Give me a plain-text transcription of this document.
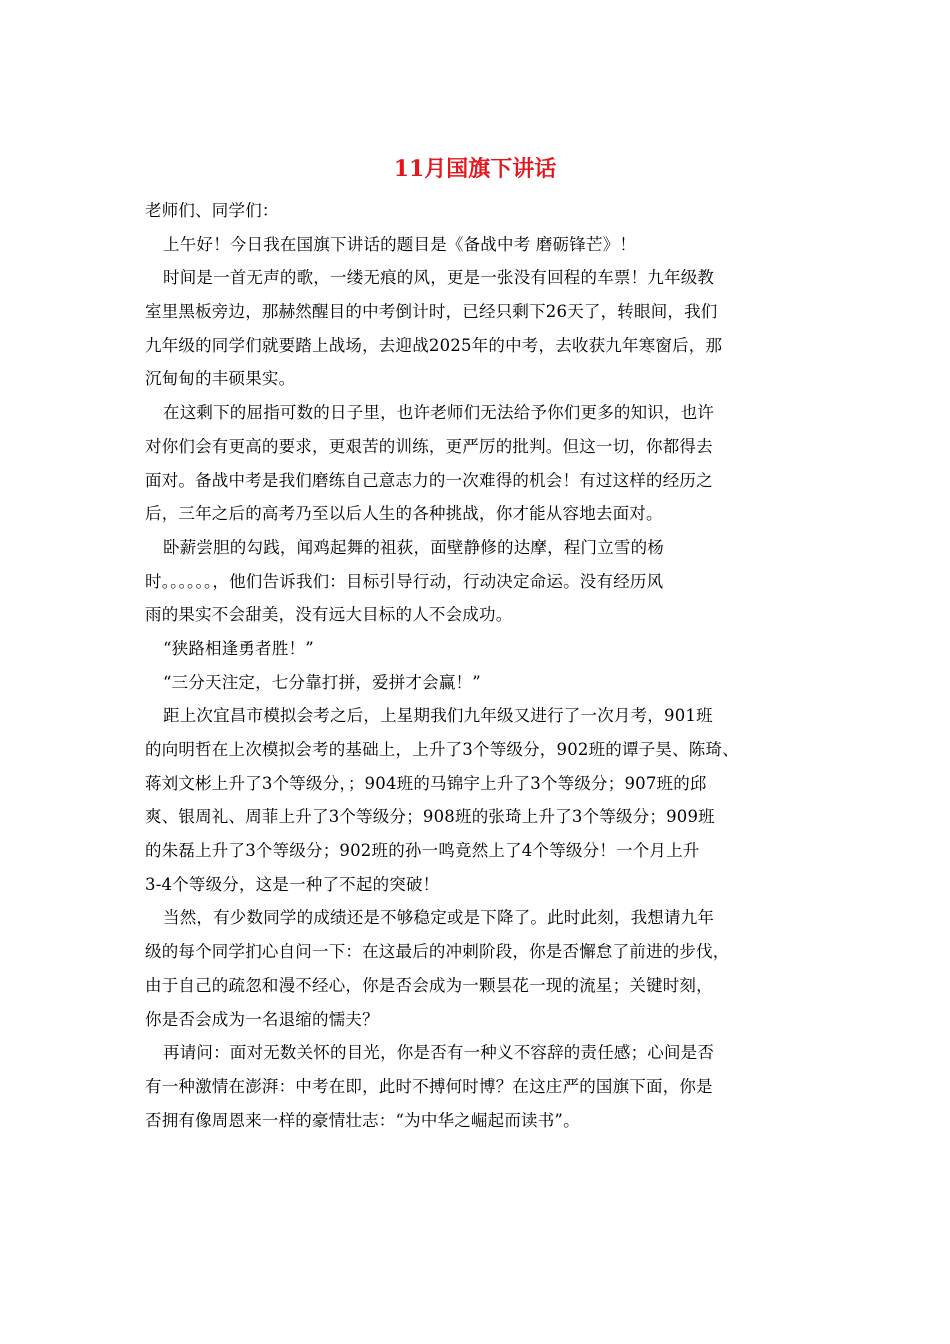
11月国旗下讲话
老师们、同学们：
上午好！今日我在国旗下讲话的题目是《备战中考 磨砺锋芒》！
时间是一首无声的歌，一缕无痕的风，更是一张没有回程的车票！九年级教
室里黑板旁边，那赫然醒目的中考倒计时，已经只剩下26天了，转眼间，我们
九年级的同学们就要踏上战场，去迎战2025年的中考，去收获九年寒窗后，那
沉甸甸的丰硕果实。
在这剩下的屈指可数的日子里，也许老师们无法给予你们更多的知识，也许
对你们会有更高的要求，更艰苦的训练，更严厉的批判。但这一切，你都得去
面对。备战中考是我们磨练自己意志力的一次难得的机会！有过这样的经历之
后，三年之后的高考乃至以后人生的各种挑战，你才能从容地去面对。
卧薪尝胆的勾践，闻鸡起舞的祖荻，面壁静修的达摩，程门立雪的杨
时。。。。。。，他们告诉我们：目标引导行动，行动决定命运。没有经历风
雨的果实不会甜美，没有远大目标的人不会成功。
“狭路相逢勇者胜！”
“三分天注定，七分靠打拼，爱拼才会赢！”
距上次宜昌市模拟会考之后，上星期我们九年级又进行了一次月考，901班
的向明哲在上次模拟会考的基础上，上升了3个等级分，902班的谭子昊、陈琦、
蒋刘文彬上升了3个等级分，；904班的马锦宇上升了3个等级分；907班的邱
爽、银周礼、周菲上升了3个等级分；908班的张琦上升了3个等级分；909班
的朱磊上升了3个等级分；902班的孙一鸣竟然上了4个等级分！一个月上升
3-4个等级分，这是一种了不起的突破！
当然，有少数同学的成绩还是不够稳定或是下降了。此时此刻，我想请九年
级的每个同学扪心自问一下：在这最后的冲刺阶段，你是否懈怠了前进的步伐，
由于自己的疏忽和漫不经心，你是否会成为一颗昙花一现的流星；关键时刻，
你是否会成为一名退缩的懦夫？
再请问：面对无数关怀的目光，你是否有一种义不容辞的责任感；心间是否
有一种激情在澎湃：中考在即，此时不搏何时博？在这庄严的国旗下面，你是
否拥有像周恩来一样的豪情壮志：“为中华之崛起而读书”。
